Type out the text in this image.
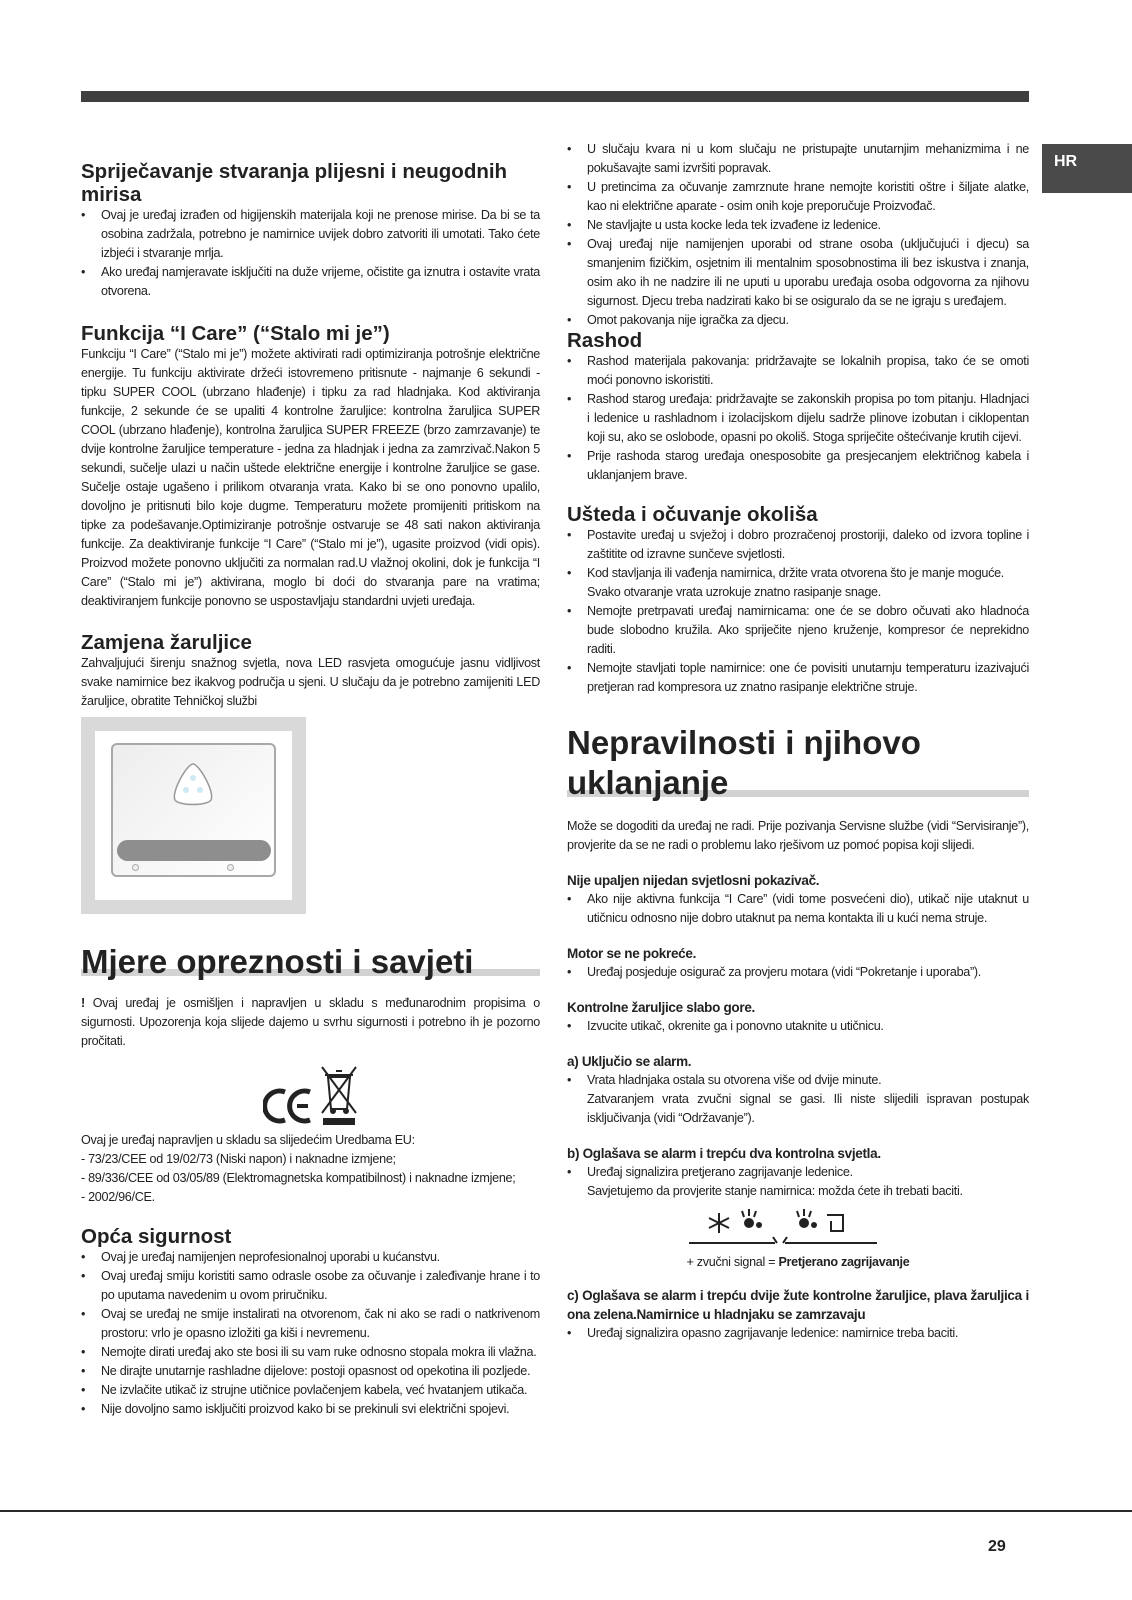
HR
Spriječavanje stvaranja plijesni i neugodnih mirisa
• Ovaj je uređaj izrađen od higijenskih materijala koji ne prenose mirise. Da bi se ta osobina zadržala, potrebno je namirnice uvijek dobro zatvoriti ili umotati. Tako ćete izbjeći i stvaranje mrlja.
• Ako uređaj namjeravate isključiti na duže vrijeme, očistite ga iznutra i ostavite vrata otvorena.
Funkcija “I Care” (“Stalo mi je”)

Funkciju “I Care” (“Stalo mi je”) možete aktivirati radi optimiziranja potrošnje električne energije. Tu funkciju aktivirate držeći istovremeno pritisnute - najmanje 6 sekundi - tipku SUPER COOL (ubrzano hlađenje) i tipku za rad hladnjaka. Kod aktiviranja funkcije, 2 sekunde će se upaliti 4 kontrolne žaruljice: kontrolna žaruljica SUPER COOL (ubrzano hlađenje), kontrolna žaruljica SUPER FREEZE (brzo zamrzavanje) te dvije kontrolne žaruljice temperature - jedna za hladnjak i jedna za zamrzivač.Nakon 5 sekundi, sučelje ulazi u način uštede električne energije i kontrolne žaruljice se gase. Sučelje ostaje ugašeno i prilikom otvaranja vrata. Kako bi se ono ponovno upalilo, dovoljno je pritisnuti bilo koje dugme. Temperaturu možete promijeniti pritiskom na tipke za podešavanje.Optimiziranje potrošnje ostvaruje se 48 sati nakon aktiviranja funkcije. Za deaktiviranje funkcije “I Care” (“Stalo mi je”), ugasite proizvod (vidi opis). Proizvod možete ponovno uključiti za normalan rad.U vlažnoj okolini, dok je funkcija “I Care” (“Stalo mi je”) aktivirana, moglo bi doći do stvaranja pare na vratima; deaktiviranjem funkcije ponovno se uspostavljaju standardni uvjeti uređaja.

Zamjena žaruljice

Zahvaljujući širenju snažnog svjetla, nova LED rasvjeta omogućuje jasnu vidljivost svake namirnice bez ikakvog područja u sjeni. U slučaju da je potrebno zamijeniti LED žaruljice, obratite Tehničkoj službi

Mjere opreznosti i savjeti

! Ovaj uređaj je osmišljen i napravljen u skladu s međunarodnim propisima o sigurnosti. Upozorenja koja slijede dajemo u svrhu sigurnosti i potrebno ih je pozorno pročitati.

Ovaj je uređaj napravljen u skladu sa slijedećim Uredbama EU:

- 73/23/CEE od 19/02/73 (Niski napon) i naknadne izmjene;

- 89/336/CEE od 03/05/89 (Elektromagnetska kompatibilnost) i naknadne izmjene;

- 2002/96/CE.

Opća sigurnost
• Ovaj je uređaj namijenjen neprofesionalnoj uporabi u kućanstvu.
• Ovaj uređaj smiju koristiti samo odrasle osobe za očuvanje i zaleđivanje hrane i to po uputama navedenim u ovom priručniku.
• Ovaj se uređaj ne smije instalirati na otvorenom, čak ni ako se radi o natkrivenom prostoru: vrlo je opasno izložiti ga kiši i nevremenu.
• Nemojte dirati uređaj ako ste bosi ili su vam ruke odnosno stopala mokra ili vlažna.
• Ne dirajte unutarnje rashladne dijelove: postoji opasnost od opekotina ili pozljede.
• Ne izvlačite utikač iz strujne utičnice povlačenjem kabela, već hvatanjem utikača.
• Nije dovoljno samo isključiti proizvod kako bi se prekinuli svi električni spojevi.
• U slučaju kvara ni u kom slučaju ne pristupajte unutarnjim mehanizmima i ne pokušavajte sami izvršiti popravak.
• U pretincima za očuvanje zamrznute hrane nemojte koristiti oštre i šiljate alatke, kao ni električne aparate - osim onih koje preporučuje Proizvođač.
• Ne stavljajte u usta kocke leda tek izvađene iz ledenice.
• Ovaj uređaj nije namijenjen uporabi od strane osoba (uključujući i djecu) sa smanjenim fizičkim, osjetnim ili mentalnim sposobnostima ili bez iskustva i znanja, osim ako ih ne nadzire ili ne uputi u uporabu uređaja osoba odgovorna za njihovu sigurnost. Djecu treba nadzirati kako bi se osiguralo da se ne igraju s uređajem.
• Omot pakovanja nije igračka za djecu.
Rashod
• Rashod materijala pakovanja: pridržavajte se lokalnih propisa, tako će se omoti moći ponovno iskoristiti.
• Rashod starog uređaja: pridržavajte se zakonskih propisa po tom pitanju. Hladnjaci i ledenice u rashladnom i izolacijskom dijelu sadrže plinove izobutan i ciklopentan koji su, ako se oslobode, opasni po okoliš. Stoga spriječite oštećivanje krutih cijevi.
• Prije rashoda starog uređaja onesposobite ga presjecanjem električnog kabela i uklanjanjem brave.
Ušteda i očuvanje okoliša
• Postavite uređaj u svježoj i dobro prozračenoj prostoriji, daleko od izvora topline i zaštitite od izravne sunčeve svjetlosti.
• Kod stavljanja ili vađenja namirnica, držite vrata otvorena što je manje moguće.

Svako otvaranje vrata uzrokuje znatno rasipanje snage.

• Nemojte pretrpavati uređaj namirnicama: one će se dobro očuvati ako hladnoća bude slobodno kružila. Ako spriječite njeno kruženje, kompresor će neprekidno raditi.
• Nemojte stavljati tople namirnice: one će povisiti unutarnju temperaturu izazivajući pretjeran rad kompresora uz znatno rasipanje električne struje.
Nepravilnosti i njihovo
uklanjanje

Može se dogoditi da uređaj ne radi. Prije pozivanja Servisne službe (vidi “Servisiranje”), provjerite da se ne radi o problemu lako rješivom uz pomoć popisa koji slijedi.

Nije upaljen nijedan svjetlosni pokazivač.

• Ako nije aktivna funkcija “I Care” (vidi tome posvećeni dio), utikač nije utaknut u utičnicu odnosno nije dobro utaknut pa nema kontakta ili u kući nema struje.

Motor se ne pokreće.

• Uređaj posjeduje osigurač za provjeru motara (vidi “Pokretanje i uporaba”).

Kontrolne žaruljice slabo gore.

• Izvucite utikač, okrenite ga i ponovno utaknite u utičnicu.

a) Uključio se alarm.

• Vrata hladnjaka ostala su otvorena više od dvije minute.

Zatvaranjem vrata zvučni signal se gasi. Ili niste slijedili ispravan postupak isključivanja (vidi “Održavanje”).

b) Oglašava se alarm i trepću dva kontrolna svjetla.

• Uređaj signalizira pretjerano zagrijavanje ledenice.

Savjetujemo da provjerite stanje namirnica: možda ćete ih trebati baciti.

+ zvučni signal = Pretjerano zagrijavanje

c) Oglašava se alarm i trepću dvije žute kontrolne žaruljice, plava žaruljica i ona zelena.Namirnice u hladnjaku se zamrzavaju

• Uređaj signalizira opasno zagrijavanje ledenice: namirnice treba baciti.
29
